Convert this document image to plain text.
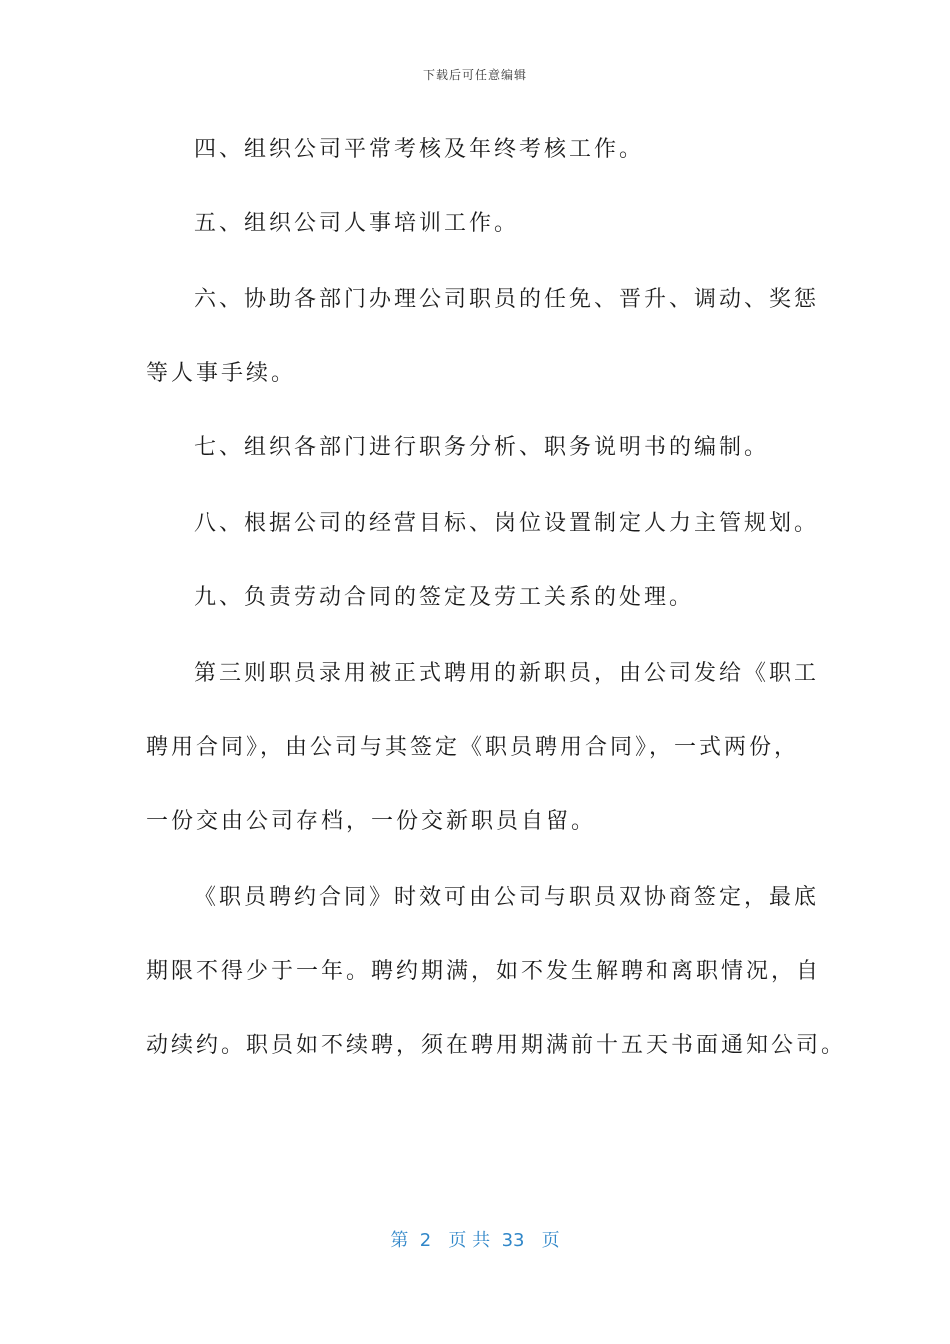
下载后可任意编辑
四、组织公司平常考核及年终考核工作。
五、组织公司人事培训工作。
六、协助各部门办理公司职员的任免、晋升、调动、奖惩
等人事手续。
七、组织各部门进行职务分析、职务说明书的编制。
八、根据公司的经营目标、岗位设置制定人力主管规划。
九、负责劳动合同的签定及劳工关系的处理。
第三则职员录用被正式聘用的新职员，由公司发给《职工
聘用合同》，由公司与其签定《职员聘用合同》，一式两份，
一份交由公司存档，一份交新职员自留。
《职员聘约合同》时效可由公司与职员双协商签定，最底
期限不得少于一年。聘约期满，如不发生解聘和离职情况，自
动续约。职员如不续聘，须在聘用期满前十五天书面通知公司。
第  2   页 共  33   页
